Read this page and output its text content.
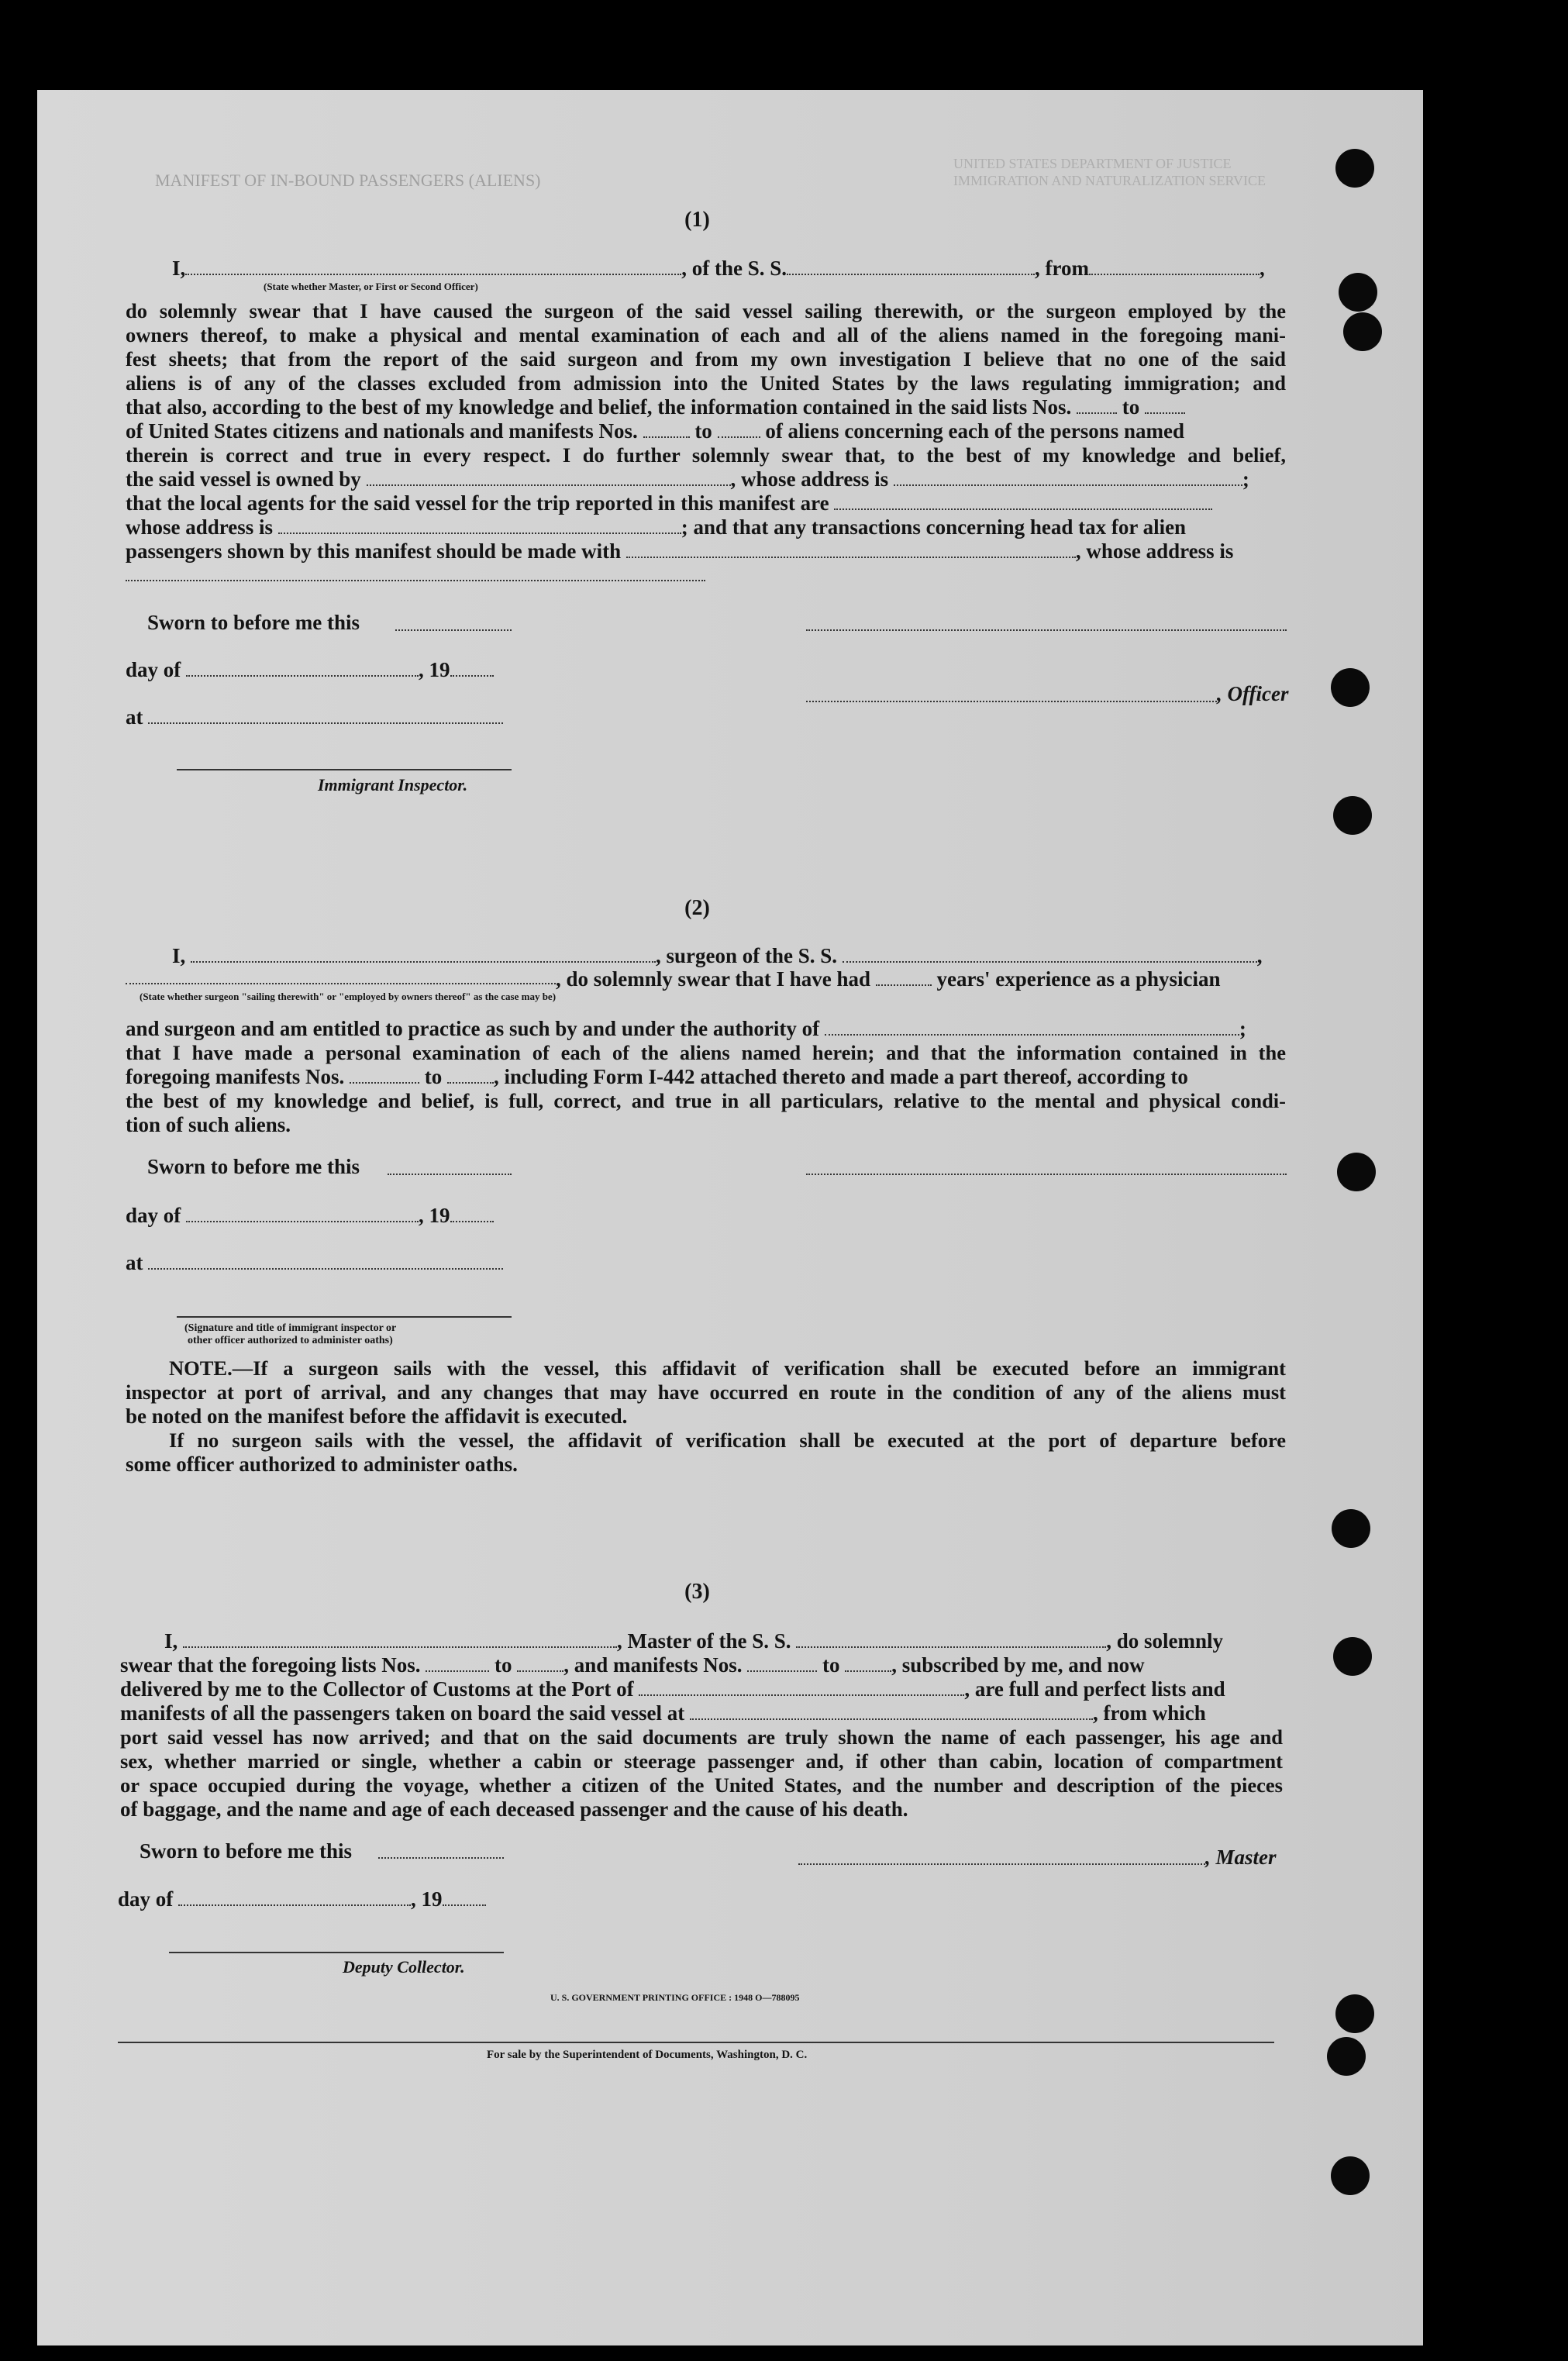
MANIFEST OF IN-BOUND PASSENGERS (ALIENS)
UNITED STATES DEPARTMENT OF JUSTICE
IMMIGRATION AND NATURALIZATION SERVICE
(1)
I,	, of the S. S.	, from	,
(State whether Master, or First or Second Officer)
do solemnly swear that I have caused the surgeon of the said vessel sailing therewith, or the surgeon employed by the
owners thereof, to make a physical and mental examination of each and all of the aliens named in the foregoing mani-
fest sheets; that from the report of the said surgeon and from my own investigation I believe that no one of the said
aliens is of any of the classes excluded from admission into the United States by the laws regulating immigration; and
that also, according to the best of my knowledge and belief, the information contained in the said lists Nos. to
of United States citizens and nationals and manifests Nos.	to	of aliens concerning each of the persons named
therein is correct and true in every respect. I do further solemnly swear that, to the best of my knowledge and belief,
the said vessel is owned by	, whose address is	;
that the local agents for the said vessel for the trip reported in this manifest are
whose address is	; and that any transactions concerning head tax for alien
passengers shown by this manifest should be made with	, whose address is
Sworn to before me this
day of	, 19
, Officer
at
Immigrant Inspector.
(2)
I,	, surgeon of the S. S.	,
, do solemnly swear that I have had	years' experience as a physician
(State whether surgeon "sailing therewith" or "employed by owners thereof" as the case may be)
and surgeon and am entitled to practice as such by and under the authority of	;
that I have made a personal examination of each of the aliens named herein; and that the information contained in the
foregoing manifests Nos.	to , including Form I-442 attached thereto and made a part thereof, according to
the best of my knowledge and belief, is full, correct, and true in all particulars, relative to the mental and physical condi-
tion of such aliens.
Sworn to before me this
day of	, 19
at
(Signature and title of immigrant inspector or
other officer authorized to administer oaths)
NOTE.—If a surgeon sails with the vessel, this affidavit of verification shall be executed before an immigrant
inspector at port of arrival, and any changes that may have occurred en route in the condition of any of the aliens must
be noted on the manifest before the affidavit is executed.
If no surgeon sails with the vessel, the affidavit of verification shall be executed at the port of departure before
some officer authorized to administer oaths.
(3)
I,	, Master of the S. S.	, do solemnly
swear that the foregoing lists Nos.	to , and manifests Nos.	to , subscribed by me, and now
delivered by me to the Collector of Customs at the Port of	, are full and perfect lists and
manifests of all the passengers taken on board the said vessel at	, from which
port said vessel has now arrived; and that on the said documents are truly shown the name of each passenger, his age and
sex, whether married or single, whether a cabin or steerage passenger and, if other than cabin, location of compartment
or space occupied during the voyage, whether a citizen of the United States, and the number and description of the pieces
of baggage, and the name and age of each deceased passenger and the cause of his death.
Sworn to before me this	, Master
day of	, 19
Deputy Collector.
U. S. GOVERNMENT PRINTING OFFICE : 1948 O—788095
For sale by the Superintendent of Documents, Washington, D. C.
